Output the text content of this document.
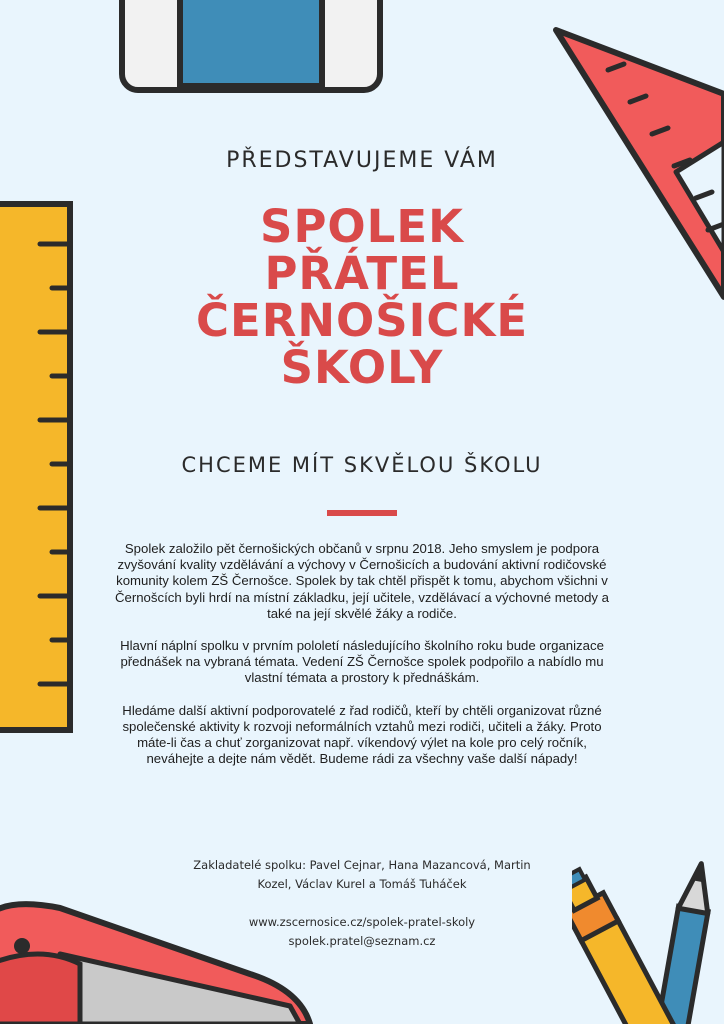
PŘEDSTAVUJEME VÁM
SPOLEK
PŘÁTEL
ČERNOŠICKÉ
ŠKOLY
CHCEME MÍT SKVĚLOU ŠKOLU

Spolek založilo pět černošických občanů v srpnu 2018. Jeho smyslem je podpora zvyšování kvality vzdělávání a výchovy v Černošicích a budování aktivní rodičovské komunity kolem ZŠ Černošce. Spolek by tak chtěl přispět k tomu, abychom všichni v Černošcích byli hrdí na místní základku, její učitele, vzdělávací a výchovné metody a také na její skvělé žáky a rodiče.

Hlavní náplní spolku v prvním pololetí následujícího školního roku bude organizace přednášek na vybraná témata. Vedení ZŠ Černošce spolek podpořilo a nabídlo mu vlastní témata a prostory k přednáškám.

Hledáme další aktivní podporovatelé z řad rodičů, kteří by chtěli organizovat různé společenské aktivity k rozvoji neformálních vztahů mezi rodiči, učiteli a žáky. Proto máte-li čas a chuť zorganizovat např. víkendový výlet na kole pro celý ročník, neváhejte a dejte nám vědět. Budeme rádi za všechny vaše další nápady!

Zakladatelé spolku: Pavel Cejnar, Hana Mazancová, Martin Kozel, Václav Kurel a Tomáš Tuháček
www.zscernosice.cz/spolek-pratel-skoly
spolek.pratel@seznam.cz
